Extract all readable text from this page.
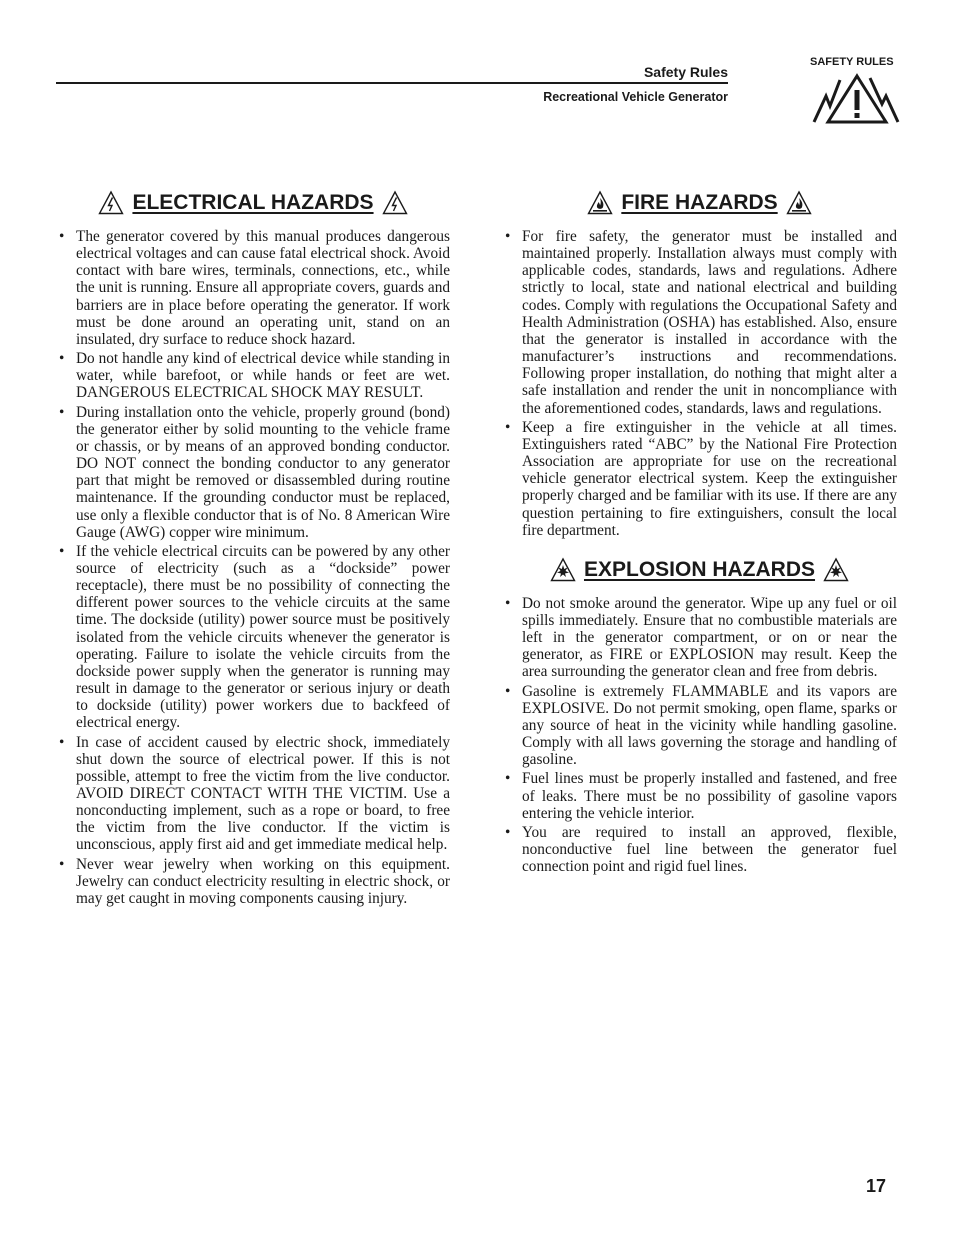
Safety Rules
Recreational Vehicle Generator
SAFETY RULES
ELECTRICAL HAZARDS
• The generator covered by this manual produces dangerous electrical voltages and can cause fatal electrical shock. Avoid contact with bare wires, terminals, connections, etc., while the unit is running. Ensure all appropriate covers, guards and barriers are in place before operating the generator. If work must be done around an operating unit, stand on an insulated, dry surface to reduce shock hazard.
• Do not handle any kind of electrical device while standing in water, while barefoot, or while hands or feet are wet. DANGEROUS ELECTRICAL SHOCK MAY RESULT.
• During installation onto the vehicle, properly ground (bond) the generator either by solid mounting to the vehicle frame or chassis, or by means of an approved bonding conductor. DO NOT connect the bonding conductor to any generator part that might be removed or disassembled during routine maintenance. If the grounding conductor must be replaced, use only a flexible conductor that is of No. 8 American Wire Gauge (AWG) copper wire minimum.
• If the vehicle electrical circuits can be powered by any other source of electricity (such as a “dockside” power receptacle), there must be no possibility of connecting the different power sources to the vehicle circuits at the same time. The dockside (utility) power source must be positively isolated from the vehicle circuits whenever the generator is operating. Failure to isolate the vehicle circuits from the dockside power supply when the generator is running may result in damage to the generator or serious injury or death to dockside (utility) power workers due to backfeed of electrical energy.
• In case of accident caused by electric shock, immediately shut down the source of electrical power. If this is not possible, attempt to free the victim from the live conductor. AVOID DIRECT CONTACT WITH THE VICTIM. Use a nonconducting implement, such as a rope or board, to free the victim from the live conductor. If the victim is unconscious, apply first aid and get immediate medical help.
• Never wear jewelry when working on this equipment. Jewelry can conduct electricity resulting in electric shock, or may get caught in moving components causing injury.
FIRE HAZARDS
• For fire safety, the generator must be installed and maintained properly. Installation always must comply with applicable codes, standards, laws and regulations. Adhere strictly to local, state and national electrical and building codes. Comply with regulations the Occupational Safety and Health Administration (OSHA) has established. Also, ensure that the generator is installed in accordance with the manufacturer’s instructions and recommendations. Following proper installation, do nothing that might alter a safe installation and render the unit in noncompliance with the aforementioned codes, standards, laws and regulations.
• Keep a fire extinguisher in the vehicle at all times. Extinguishers rated “ABC” by the National Fire Protection Association are appropriate for use on the recreational vehicle generator electrical system. Keep the extinguisher properly charged and be familiar with its use. If there are any question pertaining to fire extinguishers, consult the local fire department.
EXPLOSION HAZARDS
• Do not smoke around the generator. Wipe up any fuel or oil spills immediately. Ensure that no combustible materials are left in the generator compartment, or on or near the generator, as FIRE or EXPLOSION may result. Keep the area surrounding the generator clean and free from debris.
• Gasoline is extremely FLAMMABLE and its vapors are EXPLOSIVE. Do not permit smoking, open flame, sparks or any source of heat in the vicinity while handling gasoline. Comply with all laws governing the storage and handling of gasoline.
• Fuel lines must be properly installed and fastened, and free of leaks. There must be no possibility of gasoline vapors entering the vehicle interior.
• You are required to install an approved, flexible, nonconductive fuel line between the generator fuel connection point and rigid fuel lines.
17
